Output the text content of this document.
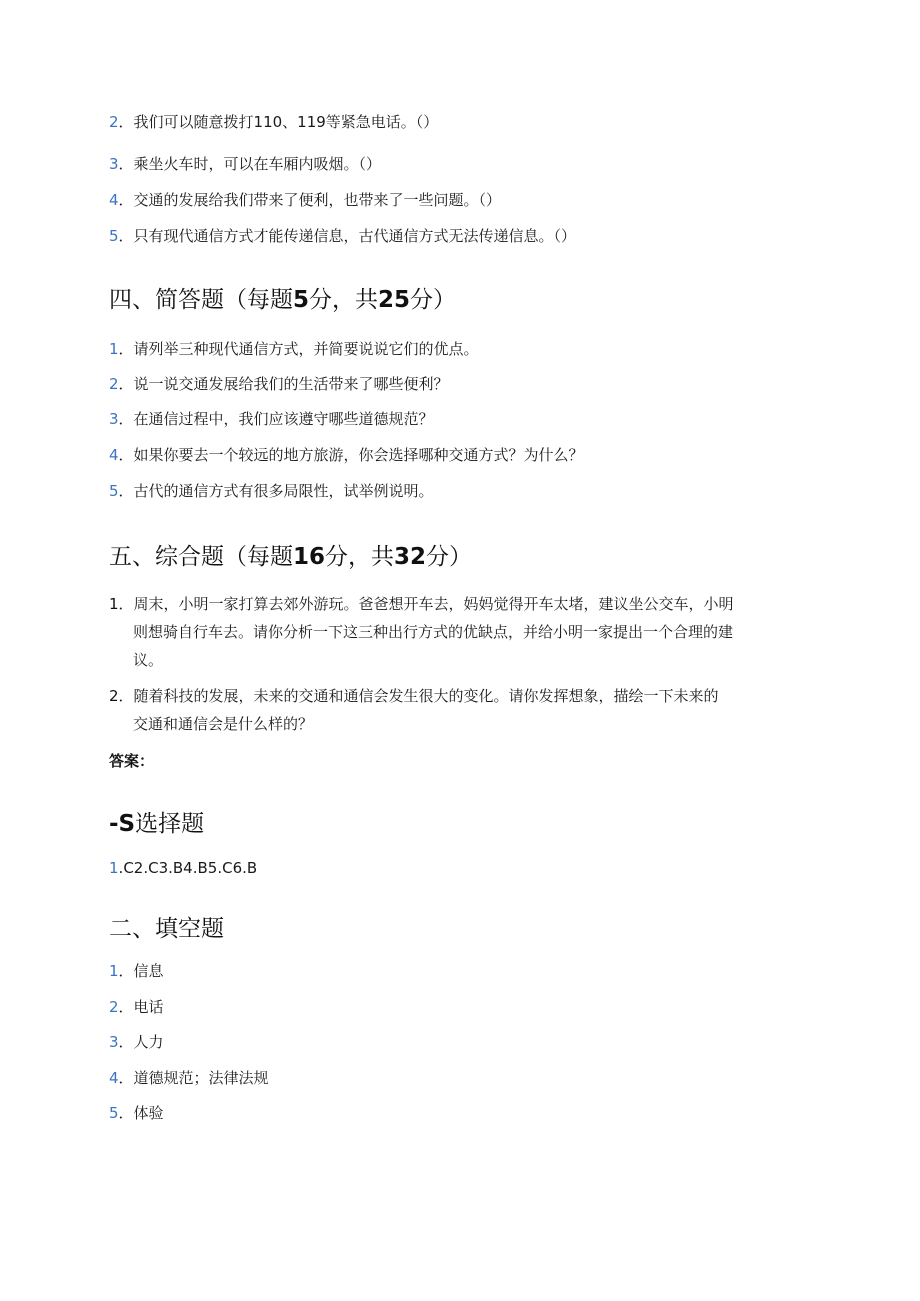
2．我们可以随意拨打110、119等紧急电话。（）
3．乘坐火车时，可以在车厢内吸烟。（）
4．交通的发展给我们带来了便利，也带来了一些问题。（）
5．只有现代通信方式才能传递信息，古代通信方式无法传递信息。（）
四、简答题（每题5分，共25分）
1．请列举三种现代通信方式，并简要说说它们的优点。
2．说一说交通发展给我们的生活带来了哪些便利？
3．在通信过程中，我们应该遵守哪些道德规范？
4．如果你要去一个较远的地方旅游，你会选择哪种交通方式？为什么？
5．古代的通信方式有很多局限性，试举例说明。
五、综合题（每题16分，共32分）
1．周末，小明一家打算去郊外游玩。爸爸想开车去，妈妈觉得开车太堵，建议坐公交车，小明
则想骑自行车去。请你分析一下这三种出行方式的优缺点，并给小明一家提出一个合理的建
议。
2．随着科技的发展，未来的交通和通信会发生很大的变化。请你发挥想象，描绘一下未来的
交通和通信会是什么样的？
答案：
-S选择题
1.C2.C3.B4.B5.C6.B
二、填空题
1．信息
2．电话
3．人力
4．道德规范；法律法规
5．体验
